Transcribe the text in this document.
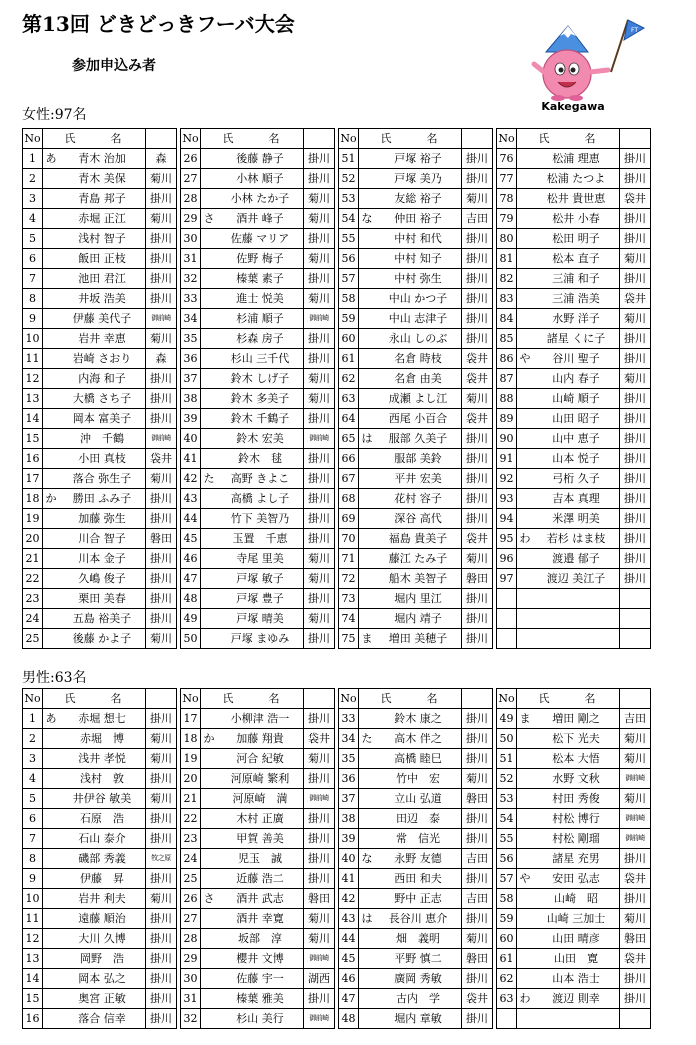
第13回 どきどっきフーバ大会
参加申込み者
FT
Kakegawa
女性:97名
No	氏　名				No	氏　名				No	氏　名				No	氏　名		
1	あ	青木 治加	森		26		後藤 静子	掛川		51		戸塚 裕子	掛川		76		松浦 理恵	掛川
2		青木 美保	菊川		27		小林 順子	掛川		52		戸塚 美乃	掛川		77		松浦 たつよ	掛川
3		青島 邦子	掛川		28		小林 たか子	菊川		53		友総 裕子	菊川		78		松井 貴世恵	袋井
4		赤堀 正江	菊川		29	さ	酒井 峰子	菊川		54	な	仲田 裕子	吉田		79		松井 小春	掛川
5		浅村 智子	掛川		30		佐藤 マリア	掛川		55		中村 和代	掛川		80		松田 明子	掛川
6		飯田 正枝	掛川		31		佐野 梅子	菊川		56		中村 知子	掛川		81		松本 直子	菊川
7		池田 君江	掛川		32		榛葉 素子	掛川		57		中村 弥生	掛川		82		三浦 和子	掛川
8		井坂 浩美	掛川		33		進士 悦美	菊川		58		中山 かつ子	掛川		83		三浦 浩美	袋井
9		伊藤 美代子	御前崎		34		杉浦 順子	御前崎		59		中山 志津子	掛川		84		水野 洋子	菊川
10		岩井 幸恵	菊川		35		杉森 房子	掛川		60		永山 しのぶ	掛川		85		諸星 くに子	掛川
11		岩崎 さおり	森		36		杉山 三千代	掛川		61		名倉 時枝	袋井		86	や	谷川 聖子	掛川
12		内海 和子	掛川		37		鈴木 しげ子	菊川		62		名倉 由美	袋井		87		山内 春子	菊川
13		大橋 さち子	掛川		38		鈴木 多美子	菊川		63		成瀬 よし江	菊川		88		山崎 順子	掛川
14		岡本 富美子	掛川		39		鈴木 千鶴子	掛川		64		西尾 小百合	袋井		89		山田 昭子	掛川
15		沖　千鶴	御前崎		40		鈴木 宏美	御前崎		65	は	服部 久美子	掛川		90		山中 恵子	掛川
16		小田 真枝	袋井		41		鈴木　毬	掛川		66		服部 美鈴	掛川		91		山本 悦子	掛川
17		落合 弥生子	菊川		42	た	高野 きよこ	掛川		67		平井 宏美	掛川		92		弓桁 久子	掛川
18	か	勝田 ふみ子	掛川		43		高橋 よし子	掛川		68		花村 容子	掛川		93		吉本 真理	掛川
19		加藤 弥生	掛川		44		竹下 美智乃	掛川		69		深谷 高代	掛川		94		米澤 明美	掛川
20		川合 智子	磐田		45		玉置　千恵	掛川		70		福島 貴美子	袋井		95	わ	若杉 はま枝	掛川
21		川本 金子	掛川		46		寺尾 里美	菊川		71		藤江 たみ子	菊川		96		渡邉 郁子	掛川
22		久嶋 俊子	掛川		47		戸塚 敏子	菊川		72		船木 美智子	磐田		97		渡辺 美江子	掛川
23		栗田 美春	掛川		48		戸塚 豊子	掛川		73		堀内 里江	掛川					
24		五島 裕美子	掛川		49		戸塚 晴美	菊川		74		堀内 靖子	掛川					
25		後藤 かよ子	菊川		50		戸塚 まゆみ	掛川		75	ま	増田 美穂子	掛川					
男性:63名
No	氏　名				No	氏　名				No	氏　名				No	氏　名		
1	あ	赤堀 想七	掛川		17		小柳津 浩一	掛川		33		鈴木 康之	掛川		49	ま	増田 剛之	吉田
2		赤堀　博	菊川		18	か	加藤 翔貴	袋井		34	た	高木 伴之	掛川		50		松下 光夫	菊川
3		浅井 孝悦	菊川		19		河合 紀敏	菊川		35		高橋 睦巳	掛川		51		松本 大悟	菊川
4		浅村　敦	掛川		20		河原崎 繁利	掛川		36		竹中　宏	菊川		52		水野 文秋	御前崎
5		井伊谷 敏美	菊川		21		河原崎　満	御前崎		37		立山 弘道	磐田		53		村田 秀俊	菊川
6		石原　浩	掛川		22		木村 正廣	掛川		38		田辺　泰	掛川		54		村松 博行	御前崎
7		石山 泰介	掛川		23		甲賀 善美	掛川		39		常　信光	掛川		55		村松 剛瑠	御前崎
8		磯部 秀義	牧之原		24		児玉　誠	掛川		40	な	永野 友德	吉田		56		諸星 充男	掛川
9		伊藤　昇	掛川		25		近藤 浩二	掛川		41		西田 和夫	掛川		57	や	安田 弘志	袋井
10		岩井 利夫	菊川		26	さ	酒井 武志	磐田		42		野中 正志	吉田		58		山崎　昭	掛川
11		遠藤 順治	掛川		27		酒井 幸寛	菊川		43	は	長谷川 恵介	掛川		59		山崎 三加士	菊川
12		大川 久博	掛川		28		坂部　淳	菊川		44		畑　義明	菊川		60		山田 晴彦	磐田
13		岡野　浩	掛川		29		櫻井 文博	御前崎		45		平野 慎二	磐田		61		山田　寛	袋井
14		岡本 弘之	掛川		30		佐藤 宇一	湖西		46		廣岡 秀敏	掛川		62		山本 浩士	掛川
15		奥宮 正敏	掛川		31		榛葉 雅美	掛川		47		古内　学	袋井		63	わ	渡辺 則幸	掛川
16		落合 信幸	掛川		32		杉山 美行	御前崎		48		堀内 章敏	掛川					
